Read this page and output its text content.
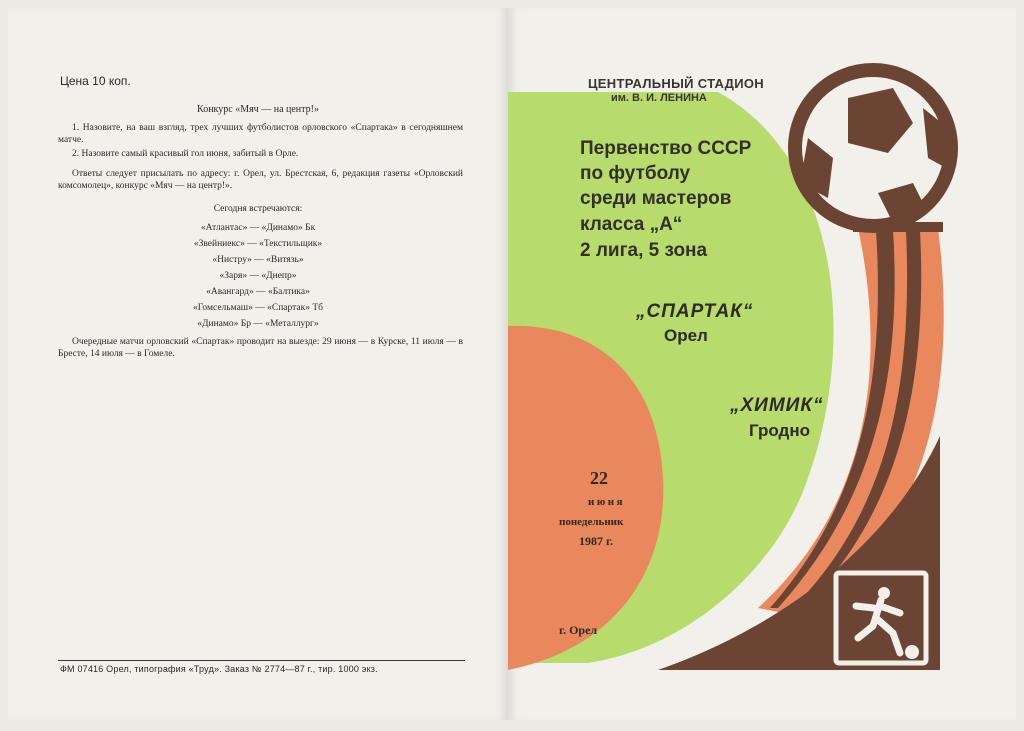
Цена 10 коп.
Конкурс «Мяч — на центр!»
1. Назовите, на ваш взгляд, трех лучших футболистов орловского «Спартака» в сегодняшнем матче.
2. Назовите самый красивый гол июня, забитый в Орле.
Ответы следует присылать по адресу: г. Орел, ул. Брестская, 6, редакция газеты «Орловский комсомолец», конкурс «Мяч — на центр!».
Сегодня встречаются:
«Атлантас» — «Динамо» Бк
«Звейниекс» — «Текстильщик»
«Нистру» — «Витязь»
«Заря» — «Днепр»
«Авангард» — «Балтика»
«Гомсельмаш» — «Спартак» Тб
«Динамо» Бр — «Металлург»
Очередные матчи орловский «Спартак» проводит на выезде: 29 июня — в Курске, 11 июля — в Бресте, 14 июля — в Гомеле.
ФМ 07416 Орел, типография «Труд». Заказ № 2774—87 г., тир. 1000 экз.
ЦЕНТРАЛЬНЫЙ СТАДИОН
им. В. И. ЛЕНИНА
Первенство СССР
по футболу
среди мастеров
класса „А“
2 лига, 5 зона
„СПАРТАК“
Орел
„ХИМИК“
Гродно
22
июня
понедельник
1987 г.
г. Орел
